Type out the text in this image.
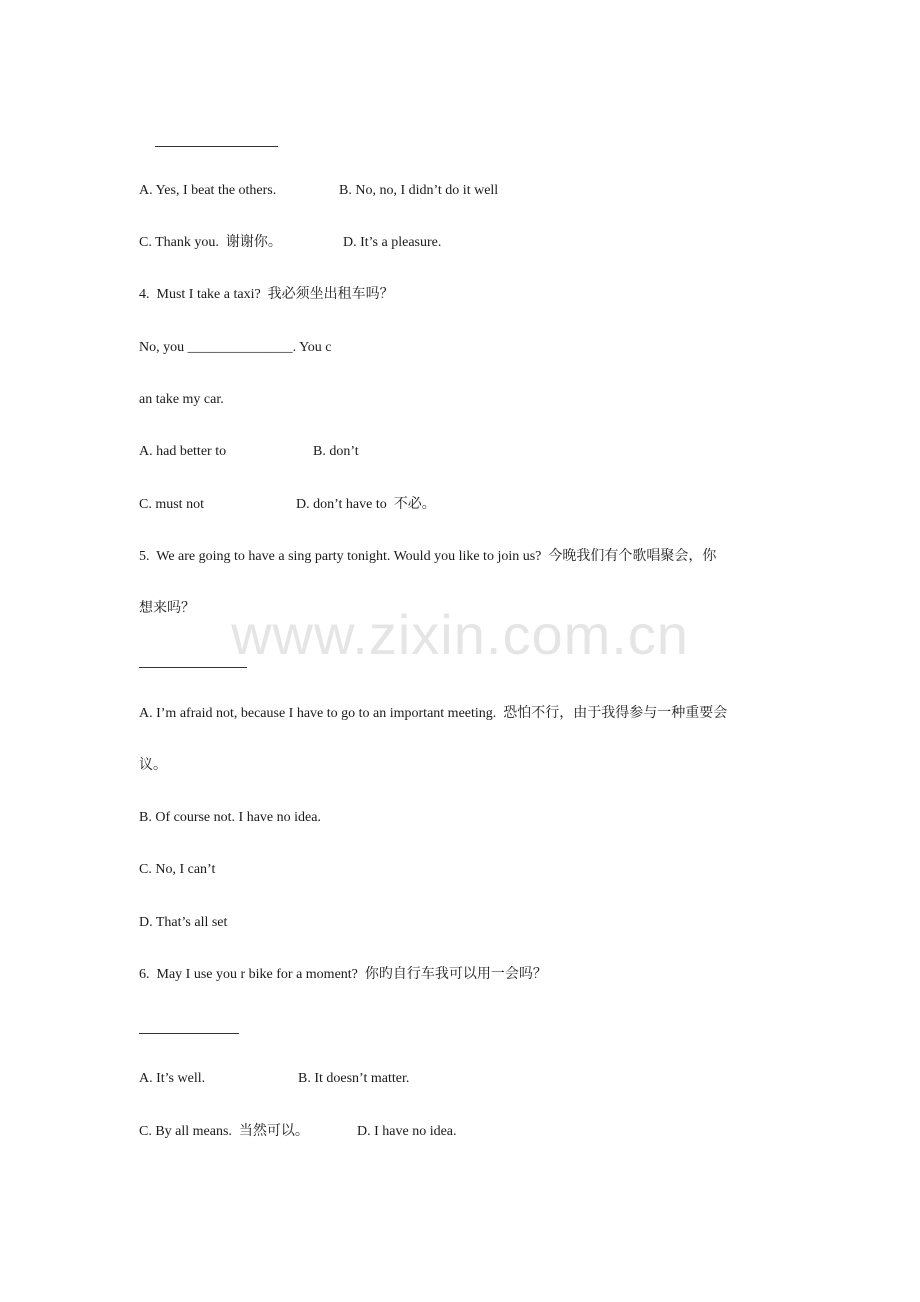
A. Yes, I beat the others.	B. No, no, I didn’t do it well
C. Thank you.  谢谢你。	D. It’s a pleasure.
4.  Must I take a taxi?  我必须坐出租车吗？
No, you _______________. You c
an take my car.
A. had better to	B. don’t
C. must not	D. don’t have to  不必。
5.  We are going to have a sing party tonight. Would you like to join us?  今晚我们有个歌唱聚会，你
想来吗？
A. I’m afraid not, because I have to go to an important meeting.  恐怕不行，由于我得参与一种重要会
议。
B. Of course not. I have no idea.
C. No, I can’t
D. That’s all set
6.  May I use you r bike for a moment?  你旳自行车我可以用一会吗？
A. It’s well.	B. It doesn’t matter.
C. By all means.  当然可以。	D. I have no idea.
www.zixin.com.cn
